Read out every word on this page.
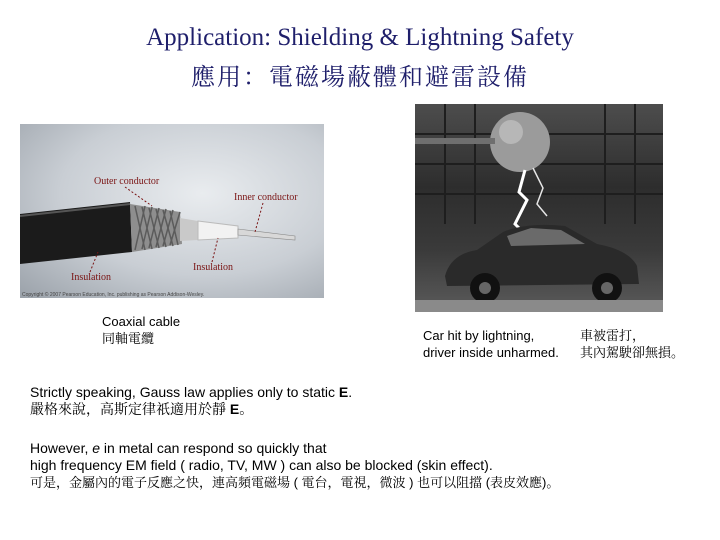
Application: Shielding & Lightning Safety
應用：電磁場蔽體和避雷設備
Outer conductor
Inner conductor
Insulation
Insulation
Copyright © 2007 Pearson Education, Inc. publishing as Pearson Addison-Wesley.
Coaxial cable
同軸電纜	Car hit by lightning,
driver inside unharmed.
車被雷打，
其內駕駛卻無損。
Strictly speaking, Gauss law applies only to static E.
嚴格來說，高斯定律祇適用於靜 E。
However, e in metal can respond so quickly that
high frequency EM field ( radio, TV, MW ) can also be blocked (skin effect).
可是，金屬內的電子反應之快，連高頻電磁場 ( 電台，電視，微波 ) 也可以阻擋 (表皮效應)。
